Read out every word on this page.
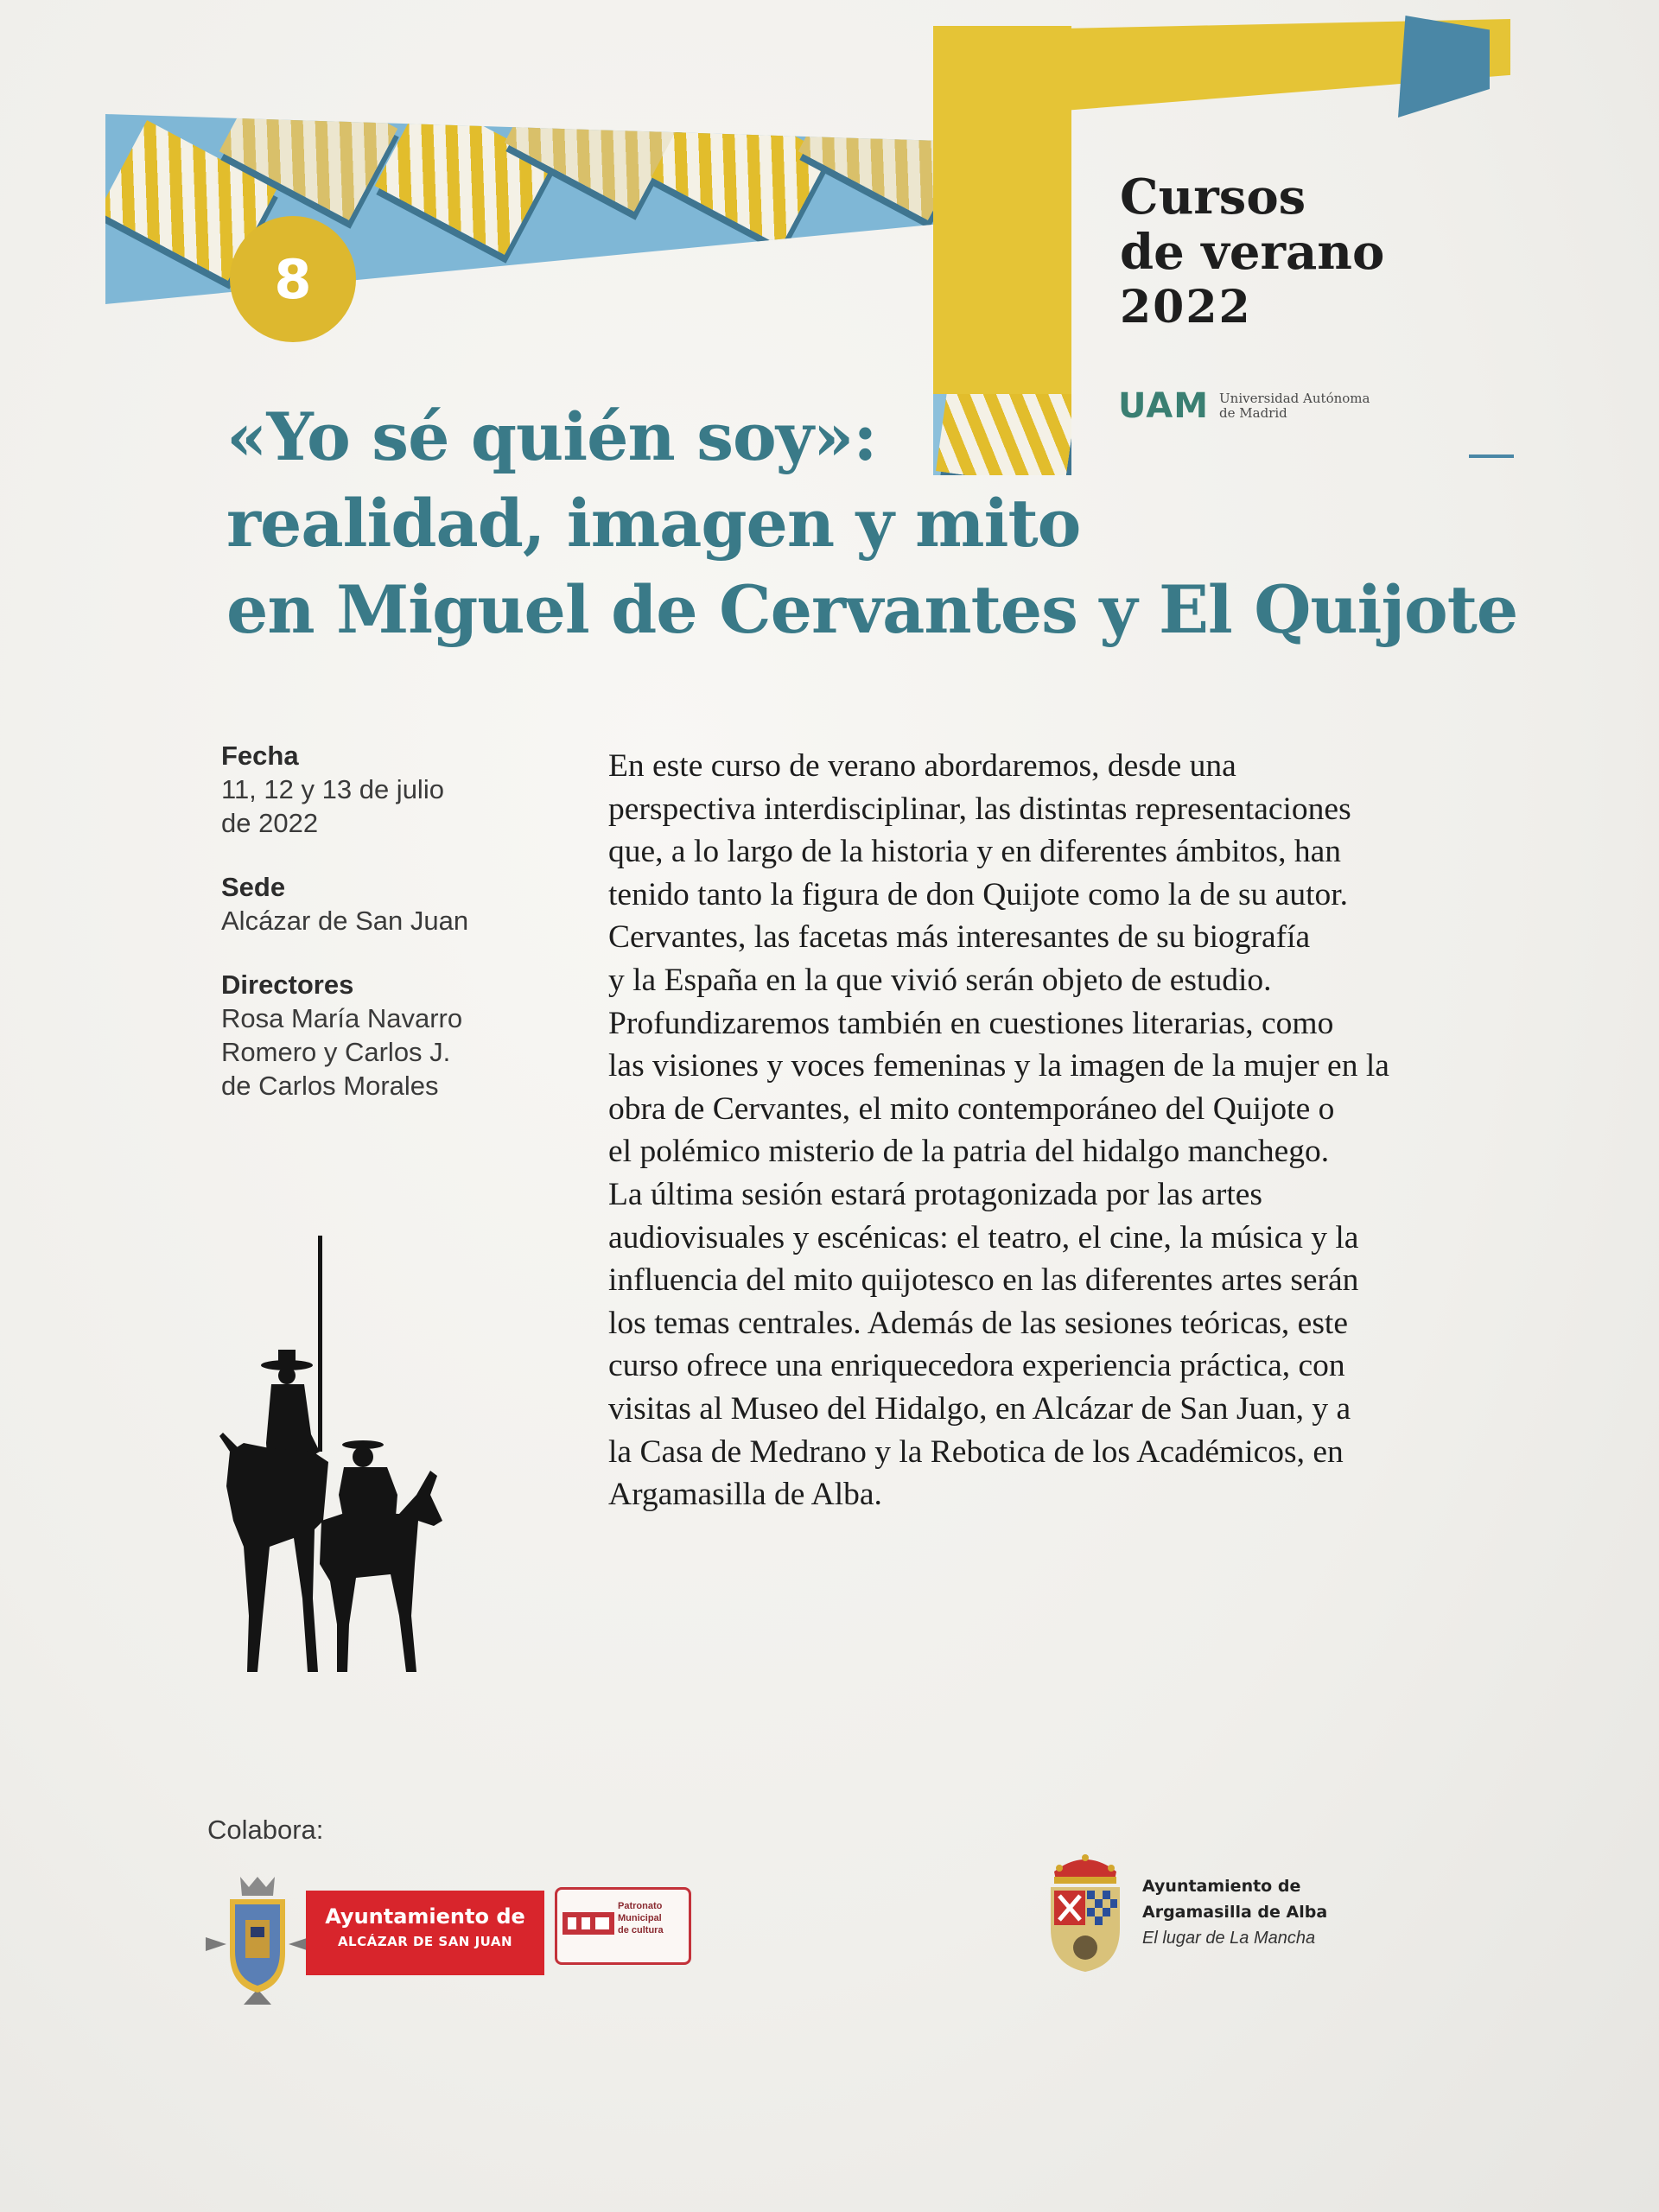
8
Cursos
de verano
2022
UAM Universidad Autónoma
de Madrid
«Yo sé quién soy»:
realidad, imagen y mito
en Miguel de Cervantes y El Quijote
Fecha
11, 12 y 13 de julio
de 2022
Sede
Alcázar de San Juan
Directores
Rosa María Navarro
Romero y Carlos J.
de Carlos Morales
En este curso de verano abordaremos, desde una
perspectiva interdisciplinar, las distintas representaciones
que, a lo largo de la historia y en diferentes ámbitos, han
tenido tanto la figura de don Quijote como la de su autor.
Cervantes, las facetas más interesantes de su biografía
y la España en la que vivió serán objeto de estudio.
Profundizaremos también en cuestiones literarias, como
las visiones y voces femeninas y la imagen de la mujer en la
obra de Cervantes, el mito contemporáneo del Quijote o
el polémico misterio de la patria del hidalgo manchego.
La última sesión estará protagonizada por las artes
audiovisuales y escénicas: el teatro, el cine, la música y la
influencia del mito quijotesco en las diferentes artes serán
los temas centrales. Además de las sesiones teóricas, este
curso ofrece una enriquecedora experiencia práctica, con
visitas al Museo del Hidalgo, en Alcázar de San Juan, y a
la Casa de Medrano y la Rebotica de los Académicos, en
Argamasilla de Alba.
Colabora:
Ayuntamiento de
ALCÁZAR DE SAN JUAN
Patronato
Municipal
de cultura
Ayuntamiento de
Argamasilla de Alba
El lugar de La Mancha
